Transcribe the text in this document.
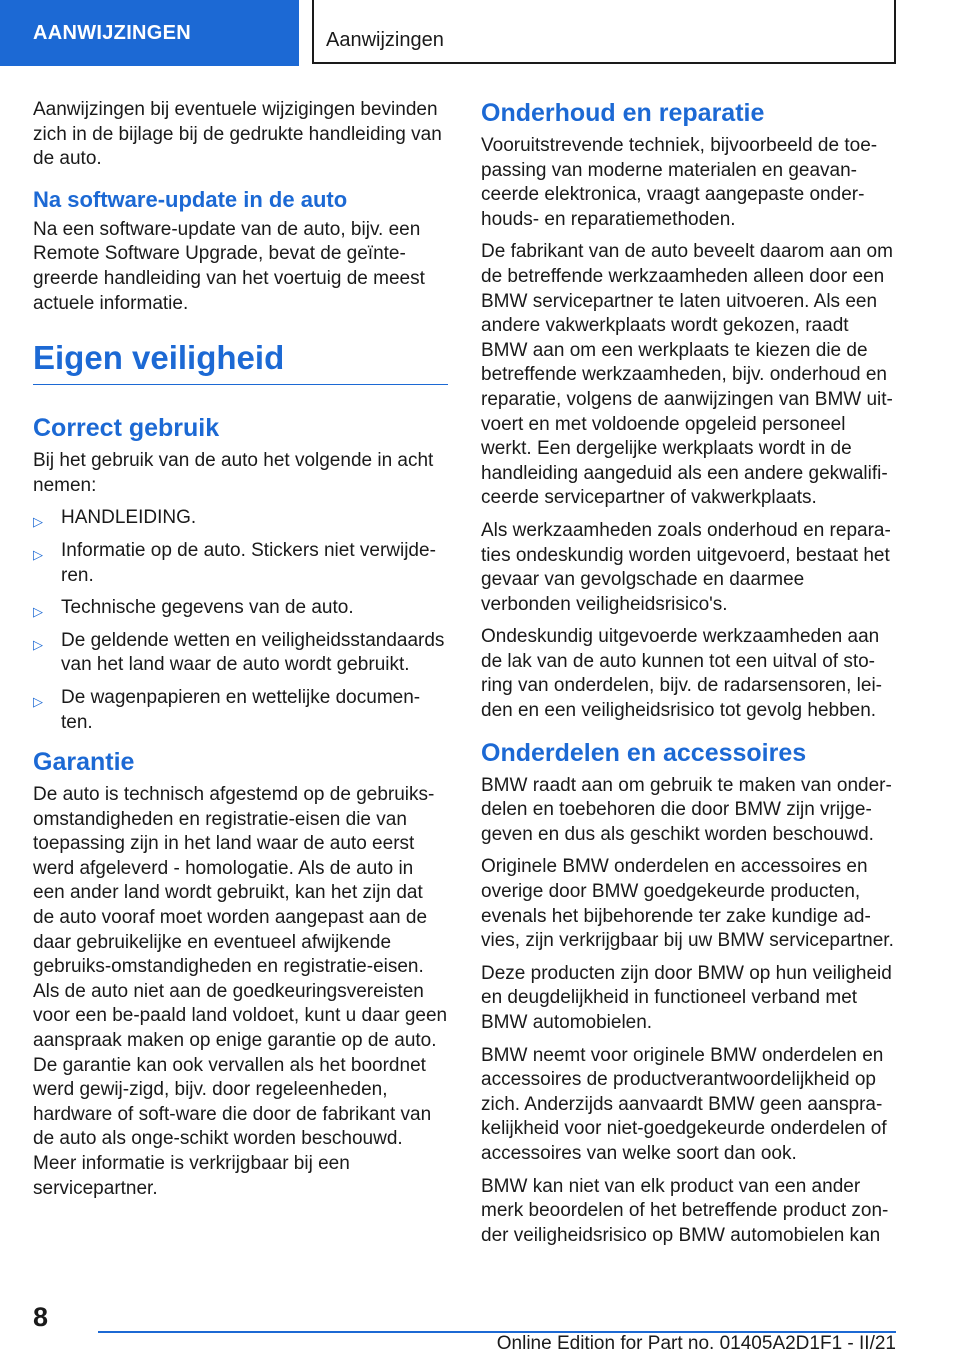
AANWIJZINGEN	Aanwijzingen

Aanwijzingen bij eventuele wijzigingen bevinden zich in de bijlage bij de gedrukte handleiding van de auto.

Na software-update in de auto

Na een software-update van de auto, bijv. een Remote Software Upgrade, bevat de geïnte-greerde handleiding van het voertuig de meest actuele informatie.

Eigen veiligheid
Correct gebruik

Bij het gebruik van de auto het volgende in acht nemen:

▷ HANDLEIDING.
▷ Informatie op de auto. Stickers niet verwijde-ren.
▷ Technische gegevens van de auto.
▷ De geldende wetten en veiligheidsstandaards van het land waar de auto wordt gebruikt.
▷ De wagenpapieren en wettelijke documen-ten.
Garantie

De auto is technisch afgestemd op de gebruiks-omstandigheden en registratie-eisen die van toepassing zijn in het land waar de auto eerst werd afgeleverd - homologatie. Als de auto in een ander land wordt gebruikt, kan het zijn dat de auto vooraf moet worden aangepast aan de daar gebruikelijke en eventueel afwijkende gebruiks-omstandigheden en registratie-eisen. Als de auto niet aan de goedkeuringsvereisten voor een be-paald land voldoet, kunt u daar geen aanspraak maken op enige garantie op de auto. De garantie kan ook vervallen als het boordnet werd gewij-zigd, bijv. door regeleenheden, hardware of soft-ware die door de fabrikant van de auto als onge-schikt worden beschouwd. Meer informatie is verkrijgbaar bij een servicepartner.

Onderhoud en reparatie

Vooruitstrevende techniek, bijvoorbeeld de toe-passing van moderne materialen en geavan-ceerde elektronica, vraagt aangepaste onder-houds- en reparatiemethoden.

De fabrikant van de auto beveelt daarom aan om de betreffende werkzaamheden alleen door een BMW servicepartner te laten uitvoeren. Als een andere vakwerkplaats wordt gekozen, raadt BMW aan om een werkplaats te kiezen die de betreffende werkzaamheden, bijv. onderhoud en reparatie, volgens de aanwijzingen van BMW uit-voert en met voldoende opgeleid personeel werkt. Een dergelijke werkplaats wordt in de handleiding aangeduid als een andere gekwalifi-ceerde servicepartner of vakwerkplaats.

Als werkzaamheden zoals onderhoud en repara-ties ondeskundig worden uitgevoerd, bestaat het gevaar van gevolgschade en daarmee verbonden veiligheidsrisico's.

Ondeskundig uitgevoerde werkzaamheden aan de lak van de auto kunnen tot een uitval of sto-ring van onderdelen, bijv. de radarsensoren, lei-den en een veiligheidsrisico tot gevolg hebben.

Onderdelen en accessoires

BMW raadt aan om gebruik te maken van onder-delen en toebehoren die door BMW zijn vrijge-geven en dus als geschikt worden beschouwd.

Originele BMW onderdelen en accessoires en overige door BMW goedgekeurde producten, evenals het bijbehorende ter zake kundige ad-vies, zijn verkrijgbaar bij uw BMW servicepartner.

Deze producten zijn door BMW op hun veiligheid en deugdelijkheid in functioneel verband met BMW automobielen.

BMW neemt voor originele BMW onderdelen en accessoires de productverantwoordelijkheid op zich. Anderzijds aanvaardt BMW geen aanspra-kelijkheid voor niet-goedgekeurde onderdelen of accessoires van welke soort dan ook.

BMW kan niet van elk product van een ander merk beoordelen of het betreffende product zon-der veiligheidsrisico op BMW automobielen kan

8
Online Edition for Part no. 01405A2D1F1 - II/21
